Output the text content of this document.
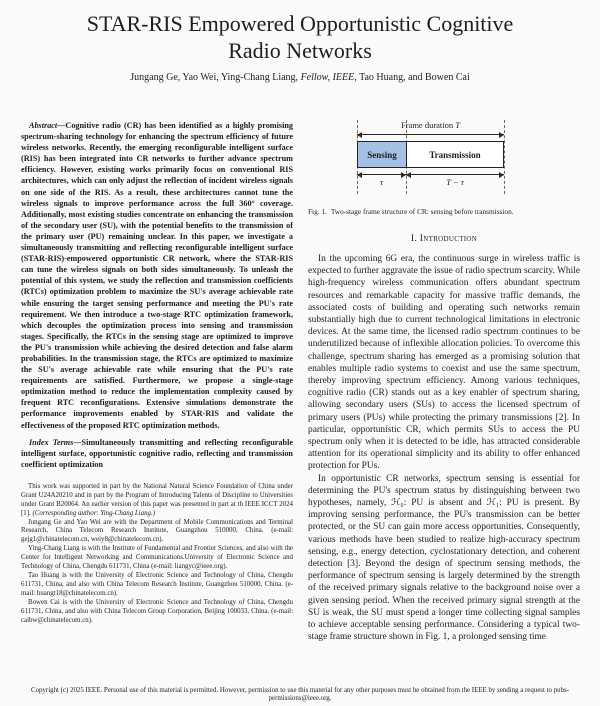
STAR-RIS Empowered Opportunistic Cognitive Radio Networks
Jungang Ge, Yao Wei, Ying-Chang Liang, Fellow, IEEE, Tao Huang, and Bowen Cai

Abstract—Cognitive radio (CR) has been identified as a highly promising spectrum-sharing technology for enhancing the spectrum efficiency of future wireless networks. Recently, the emerging reconfigurable intelligent surface (RIS) has been integrated into CR networks to further advance spectrum efficiency. However, existing works primarily focus on conventional RIS architectures, which can only adjust the reflection of incident wireless signals on one side of the RIS. As a result, these architectures cannot tune the wireless signals to improve performance across the full 360° coverage. Additionally, most existing studies concentrate on enhancing the transmission of the secondary user (SU), with the potential benefits to the transmission of the primary user (PU) remaining unclear. In this paper, we investigate a simultaneously transmitting and reflecting reconfigurable intelligent surface (STAR-RIS)-empowered opportunistic CR network, where the STAR-RIS can tune the wireless signals on both sides simultaneously. To unleash the potential of this system, we study the reflection and transmission coefficients (RTCs) optimization problem to maximize the SU's average achievable rate while ensuring the target sensing performance and meeting the PU's rate requirement. We then introduce a two-stage RTC optimization framework, which decouples the optimization process into sensing and transmission stages. Specifically, the RTCs in the sensing stage are optimized to improve the PU's transmission while achieving the desired detection and false alarm probabilities. In the transmission stage, the RTCs are optimized to maximize the SU's average achievable rate while ensuring that the PU's rate requirements are satisfied. Furthermore, we propose a single-stage optimization method to reduce the implementation complexity caused by frequent RTC reconfigurations. Extensive simulations demonstrate the performance improvements enabled by STAR-RIS and validate the effectiveness of the proposed RTC optimization methods.

Index Terms—Simultaneously transmitting and reflecting reconfigurable intelligent surface, opportunistic cognitive radio, reflecting and transmission coefficient optimization

This work was supported in part by the National Natural Science Foundation of China under Grant U24A20210 and in part by the Program of Introducing Talents of Discipline to Universities under Grant B20064. An earlier version of this paper was presented in part at th IEEE ICCT 2024 [1]. (Corresponding author: Ying-Chang Liang.)

Jungang Ge and Yao Wei are with the Department of Mobile Communications and Terminal Research, China Telecom Research Institute, Guangzhou 510000, China. (e-mail: gejg1@chinatelecom.cn, weiy8@chinatelecom.cn).

Ying-Chang Liang is with the Institute of Fundamental and Frontier Sciences, and also with the Center for Intelligent Networking and Communications.University of Electronic Science and Technology of China, Chengdu 611731, China (e-mail: liangyc@ieee.org).

Tao Huang is with the University of Electronic Science and Technology of China, Chengdu 611731, China, and also with China Telecom Research Institute, Guangzhou 510000, China. (e-mail: huangt18@chinatelecom.cn).

Bowen Cai is with the University of Electronic Science and Technology of China, Chengdu 611731, China, and also with China Telecom Group Corporation, Beijing 100033, China. (e-mail: caibw@chinatelecom.cn).

Frame duration T
Sensing	Transmission
τ	T − τ
Fig. 1. Two-stage frame structure of CR: sensing before transmission.
I. Introduction

In the upcoming 6G era, the continuous surge in wireless traffic is expected to further aggravate the issue of radio spectrum scarcity. While high-frequency wireless communication offers abundant spectrum resources and remarkable capacity for massive traffic demands, the associated costs of building and operating such networks remain substantially high due to current technological limitations in electronic devices. At the same time, the licensed radio spectrum continues to be underutilized because of inflexible allocation policies. To overcome this challenge, spectrum sharing has emerged as a promising solution that enables multiple radio systems to coexist and use the same spectrum, thereby improving spectrum efficiency. Among various techniques, cognitive radio (CR) stands out as a key enabler of spectrum sharing, allowing secondary users (SUs) to access the licensed spectrum of primary users (PUs) while protecting the primary transmissions [2]. In particular, opportunistic CR, which permits SUs to access the PU spectrum only when it is detected to be idle, has attracted considerable attention for its operational simplicity and its ability to offer enhanced protection for PUs.

In opportunistic CR networks, spectrum sensing is essential for determining the PU's spectrum status by distinguishing between two hypotheses, namely, ℋ₀: PU is absent and ℋ₁: PU is present. By improving sensing performance, the PU's transmission can be better protected, or the SU can gain more access opportunities. Consequently, various methods have been studied to realize high-accuracy spectrum sensing, e.g., energy detection, cyclostationary detection, and coherent detection [3]. Beyond the design of spectrum sensing methods, the performance of spectrum sensing is largely determined by the strength of the received primary signals relative to the background noise over a given sensing period. When the received primary signal strength at the SU is weak, the SU must spend a longer time collecting signal samples to achieve acceptable sensing performance. Considering a typical two-stage frame structure shown in Fig. 1, a prolonged sensing time

Copyright (c) 2025 IEEE. Personal use of this material is permitted. However, permission to use this material for any other purposes must be obtained from the IEEE by sending a request to pubs-permissions@ieee.org.
